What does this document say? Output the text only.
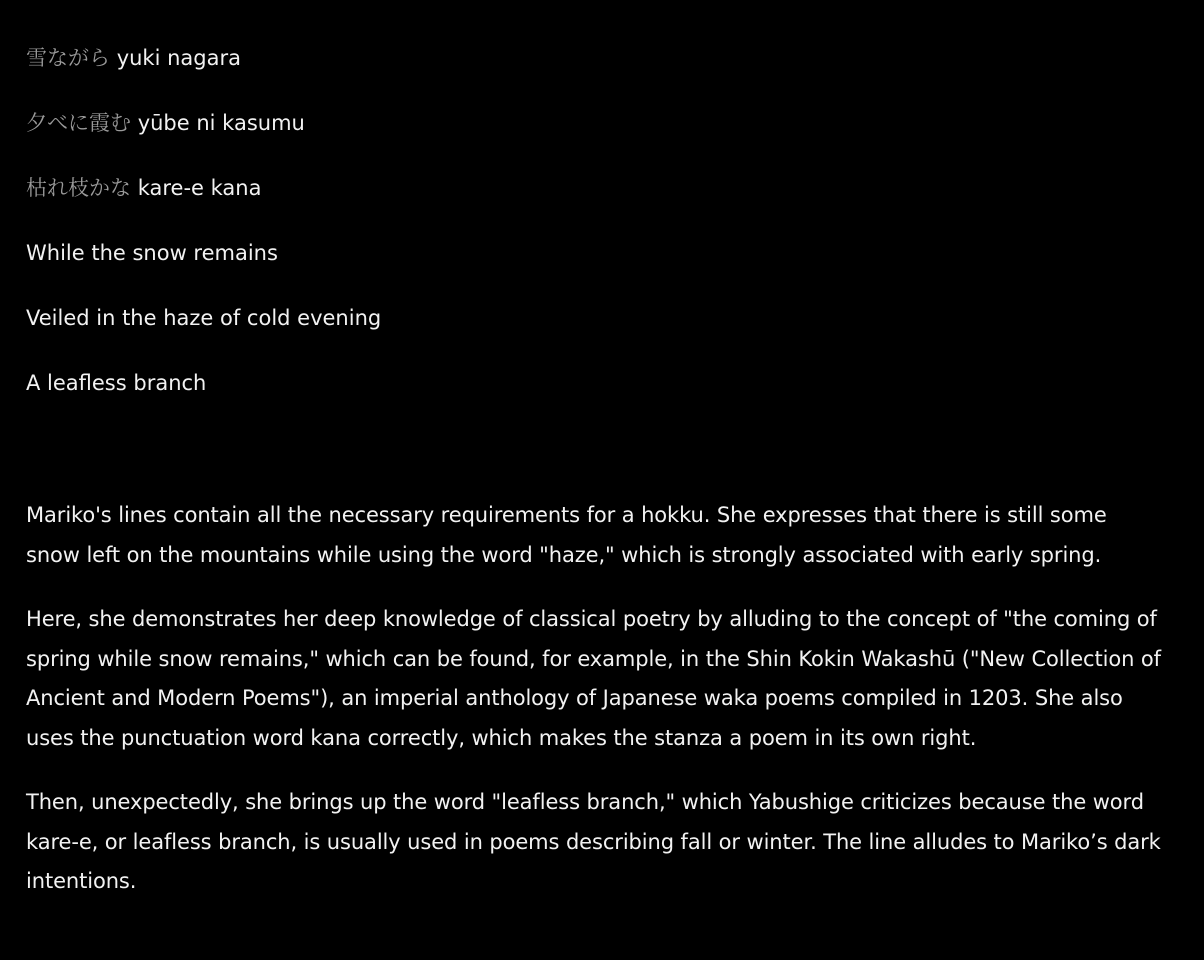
雪ながら yuki nagara
夕べに霞む yūbe ni kasumu
枯れ枝かな kare-e kana
While the snow remains
Veiled in the haze of cold evening
A leafless branch

Mariko's lines contain all the necessary requirements for a hokku. She expresses that there is still some snow left on the mountains while using the word "haze," which is strongly associated with early spring.

Here, she demonstrates her deep knowledge of classical poetry by alluding to the concept of "the coming of spring while snow remains," which can be found, for example, in the Shin Kokin Wakashū ("New Collection of Ancient and Modern Poems"), an imperial anthology of Japanese waka poems compiled in 1203. She also uses the punctuation word kana correctly, which makes the stanza a poem in its own right.

Then, unexpectedly, she brings up the word "leafless branch," which Yabushige criticizes because the word kare-e, or leafless branch, is usually used in poems describing fall or winter. The line alludes to Mariko’s dark intentions.
